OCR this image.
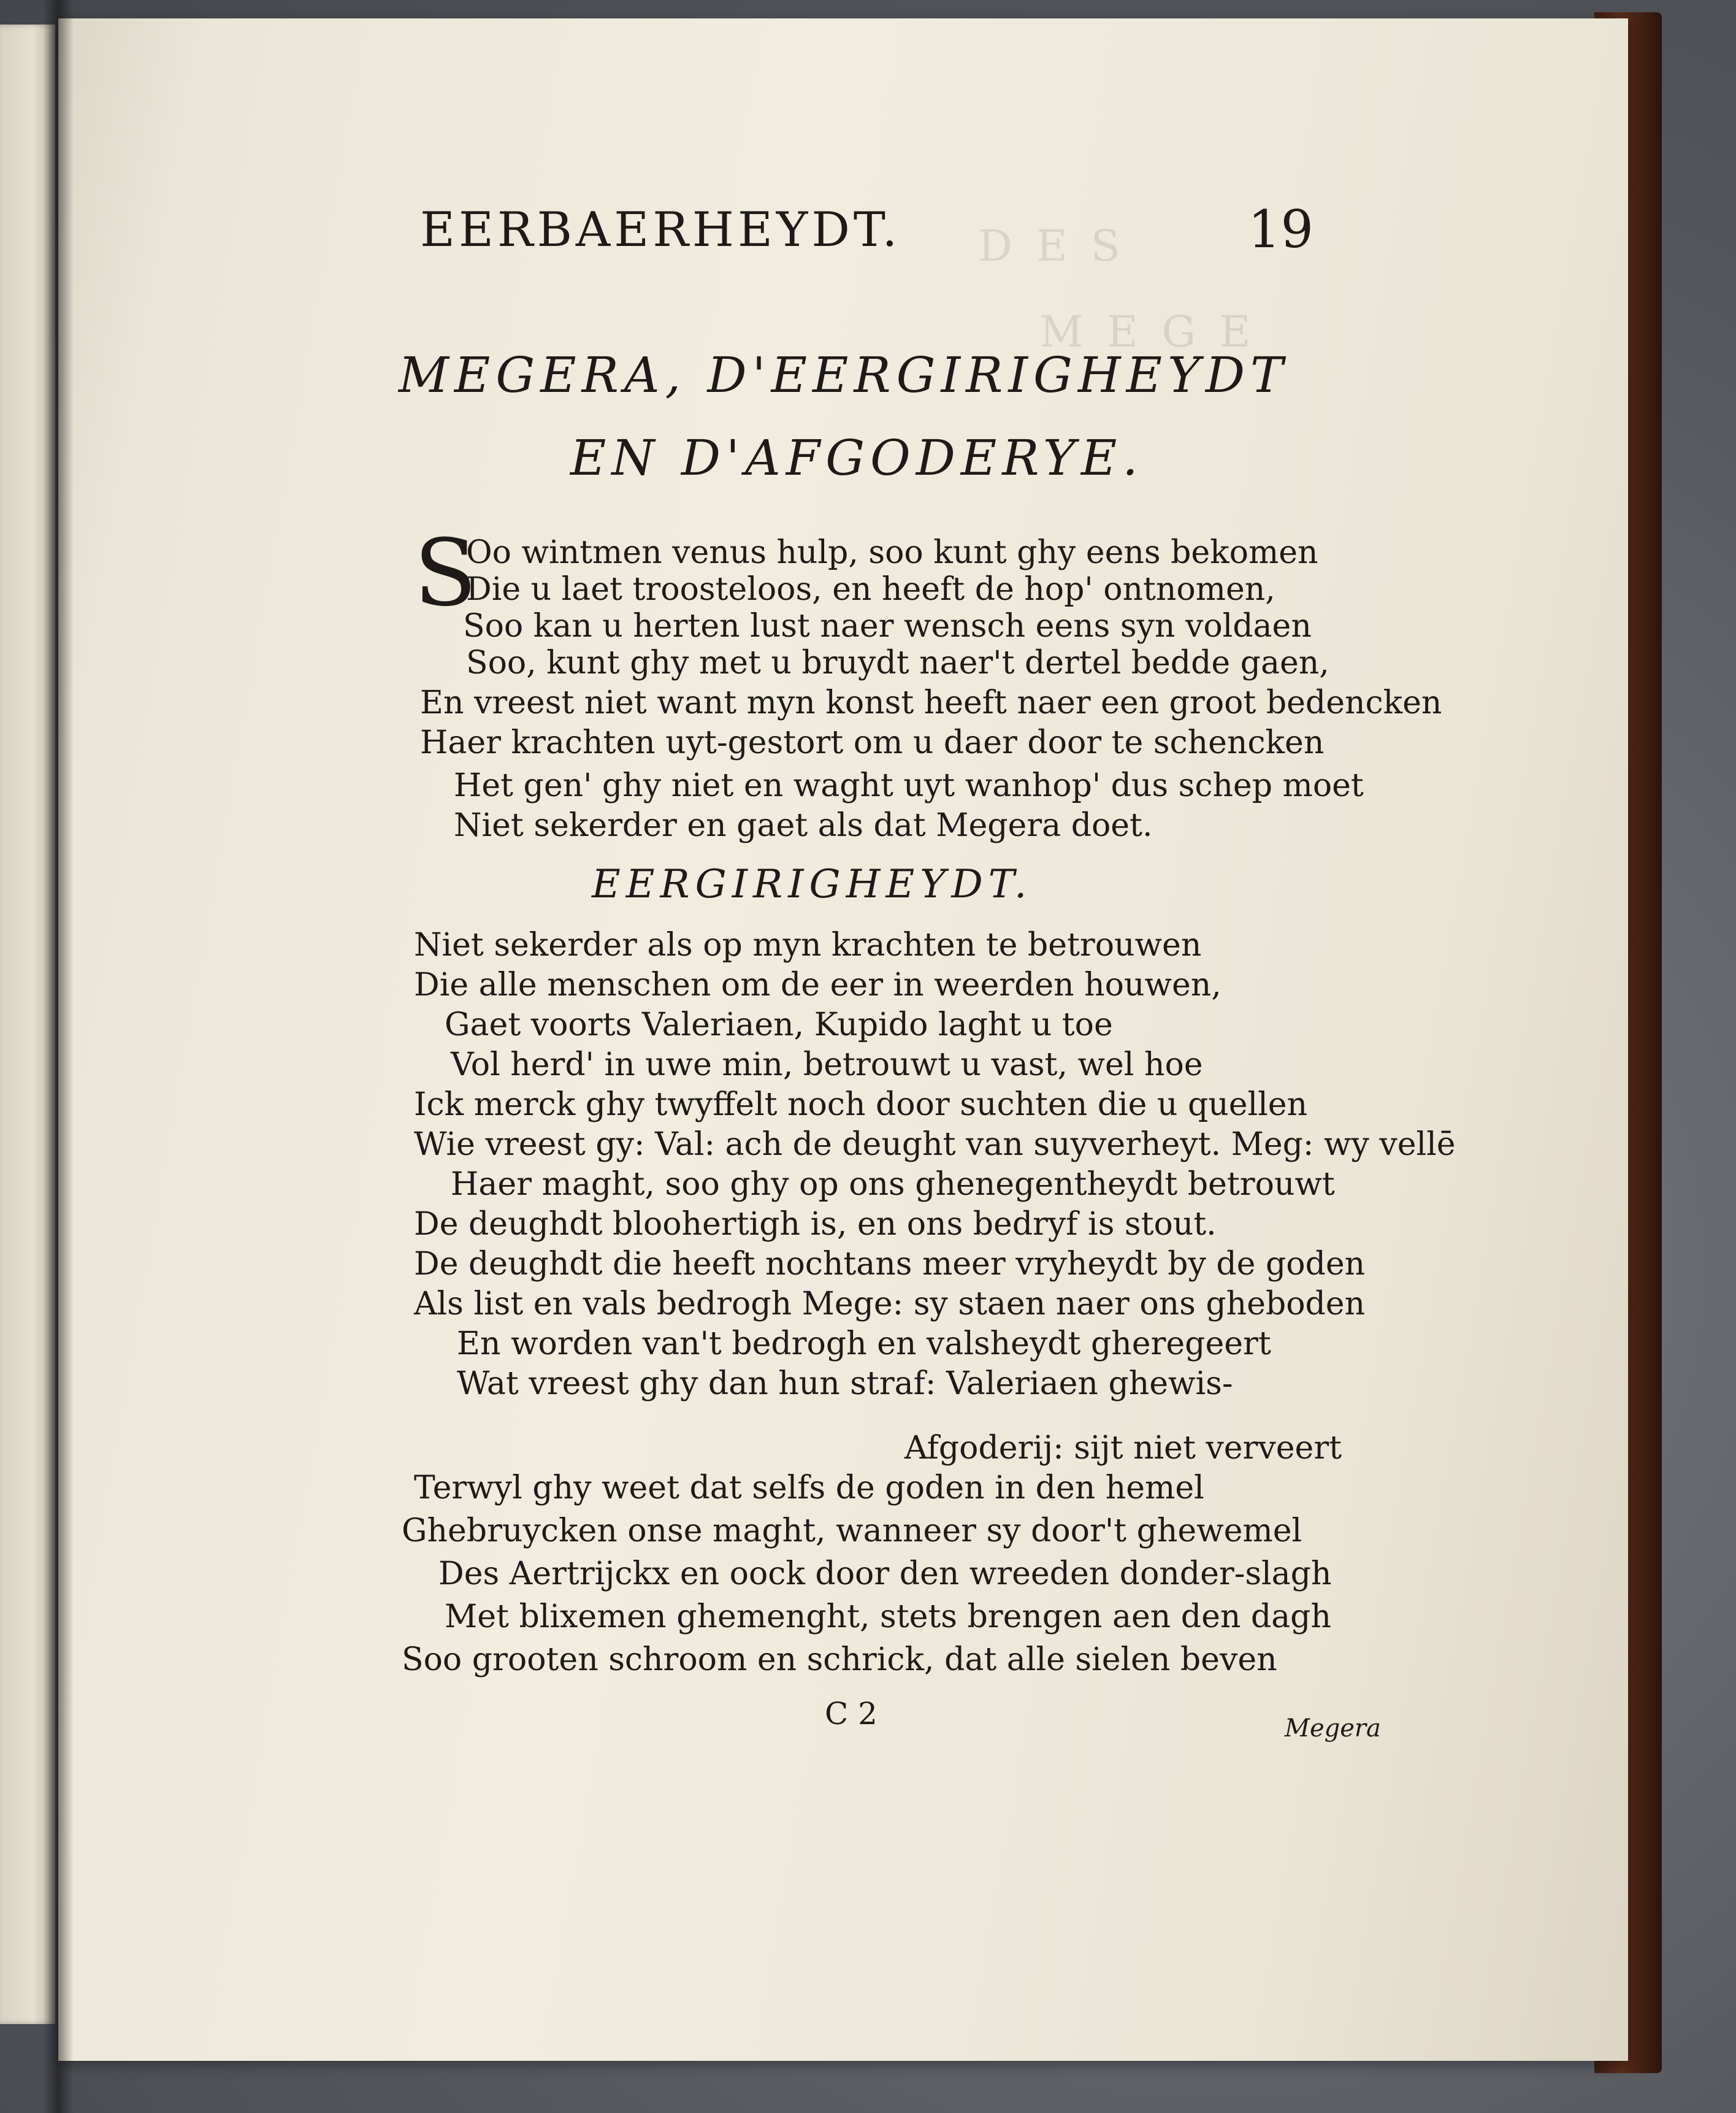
D E S
M E G E
EERBAERHEYDT.	19
MEGERA, D'EERGIRIGHEYDT
EN D'AFGODERYE.
S
Oo wintmen venus hulp, soo kunt ghy eens bekomen
Die u laet troosteloos, en heeft de hop' ontnomen,
Soo kan u herten lust naer wensch eens syn voldaen
Soo, kunt ghy met u bruydt naer't dertel bedde gaen,
En vreest niet want myn konst heeft naer een groot bedencken
Haer krachten uyt-gestort om u daer door te schencken
Het gen' ghy niet en waght uyt wanhop' dus schep moet
Niet sekerder en gaet als dat Megera doet.
EERGIRIGHEYDT.
Niet sekerder als op myn krachten te betrouwen
Die alle menschen om de eer in weerden houwen,
Gaet voorts Valeriaen, Kupido laght u toe
Vol herd' in uwe min, betrouwt u vast, wel hoe
Ick merck ghy twyffelt noch door suchten die u quellen
Wie vreest gy: Val: ach de deught van suyverheyt. Meg: wy vellē
Haer maght, soo ghy op ons ghenegentheydt betrouwt
De deughdt bloohertigh is, en ons bedryf is stout.
De deughdt die heeft nochtans meer vryheydt by de goden
Als list en vals bedrogh Mege: sy staen naer ons gheboden
En worden van't bedrogh en valsheydt gheregeert
Wat vreest ghy dan hun straf: Valeriaen ghewis-
Afgoderij: sijt niet verveert
Terwyl ghy weet dat selfs de goden in den hemel
Ghebruycken onse maght, wanneer sy door't ghewemel
Des Aertrijckx en oock door den wreeden donder-slagh
Met blixemen ghemenght, stets brengen aen den dagh
Soo grooten schroom en schrick, dat alle sielen beven
C 2	Megera
